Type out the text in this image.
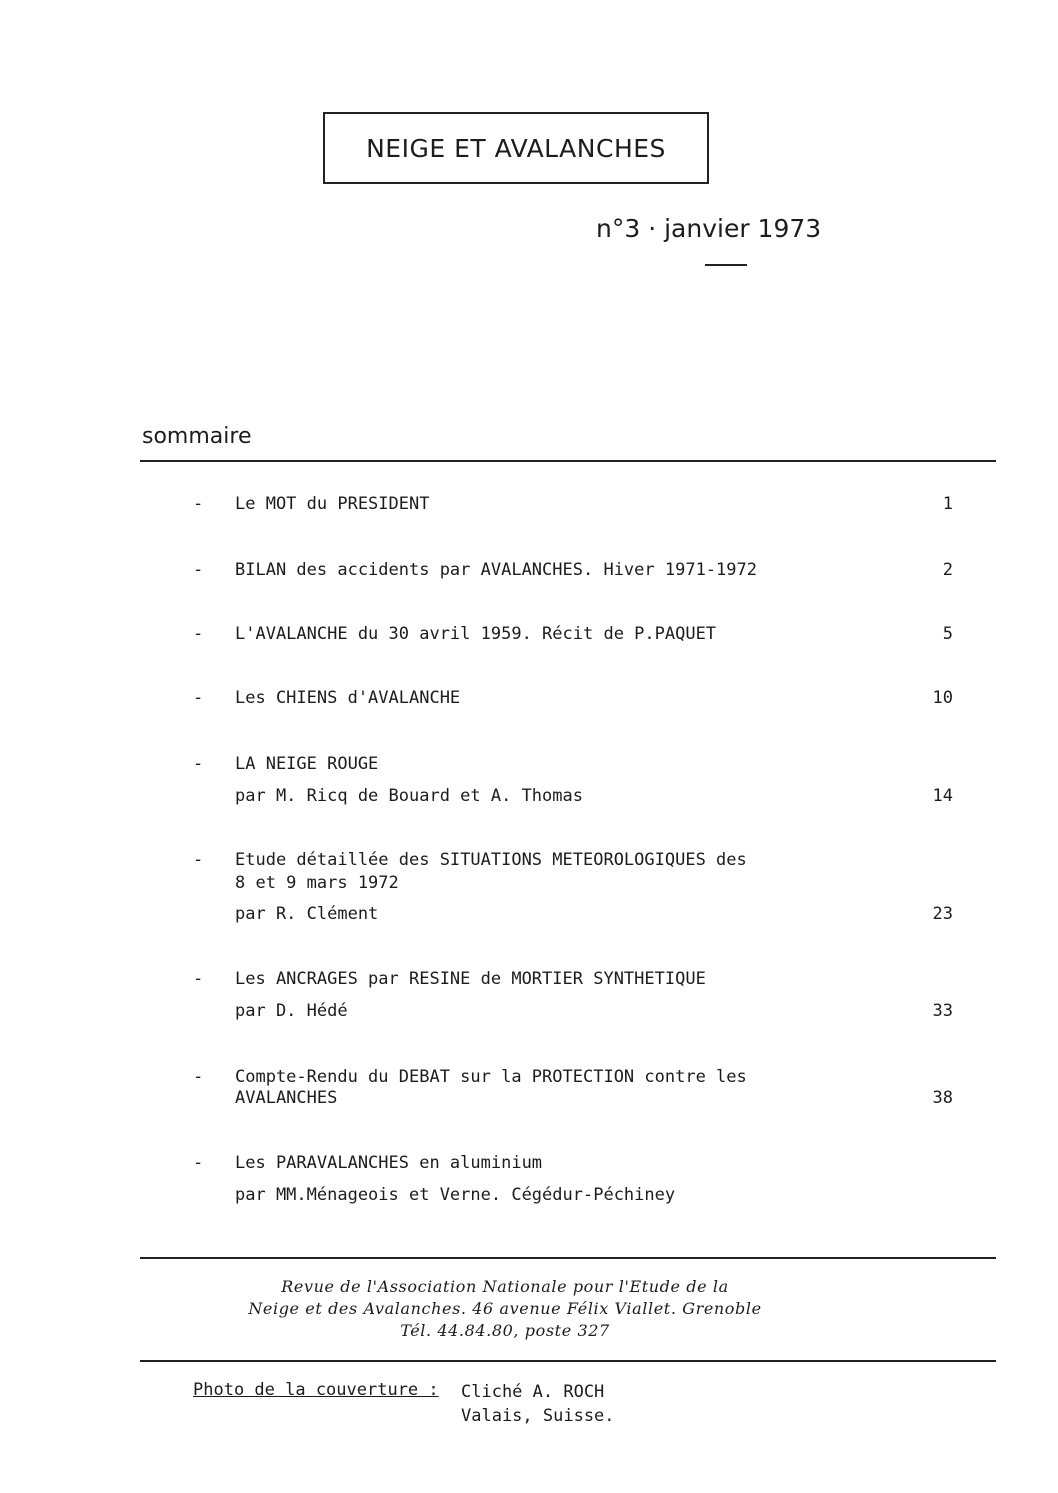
NEIGE ET AVALANCHES
n°3 · janvier 1973
sommaire
- Le MOT du PRESIDENT	1
- BILAN des accidents par AVALANCHES. Hiver 1971-1972	2
- L'AVALANCHE du 30 avril 1959. Récit de P.PAQUET	5
- Les CHIENS d'AVALANCHE	10
- LA NEIGE ROUGE
par M. Ricq de Bouard et A. Thomas	14
- Etude détaillée des SITUATIONS METEOROLOGIQUES des
8 et 9 mars 1972
par R. Clément	23
- Les ANCRAGES par RESINE de MORTIER SYNTHETIQUE
par D. Hédé	33
- Compte-Rendu du DEBAT sur la PROTECTION contre les
AVALANCHES	38
- Les PARAVALANCHES en aluminium
par MM.Ménageois et Verne. Cégédur-Péchiney
Revue de l'Association Nationale pour l'Etude de la
Neige et des Avalanches. 46 avenue Félix Viallet. Grenoble
Tél. 44.84.80, poste 327
Photo de la couverture : Cliché A. ROCH
Valais, Suisse.
